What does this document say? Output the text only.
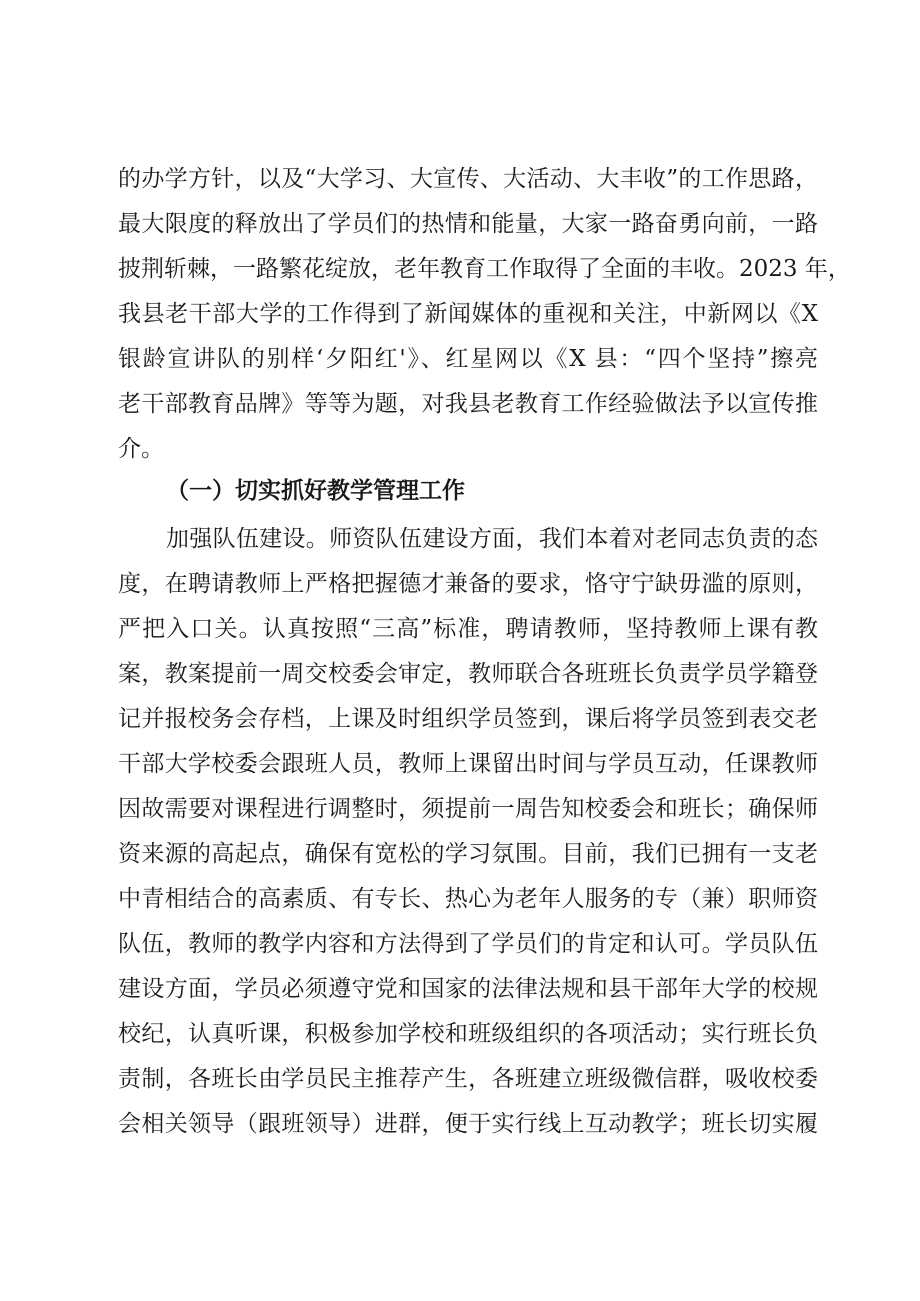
的办学方针，以及“大学习、大宣传、大活动、大丰收”的工作思路，
最大限度的释放出了学员们的热情和能量，大家一路奋勇向前，一路
披荆斩棘，一路繁花绽放，老年教育工作取得了全面的丰收。2023 年，
我县老干部大学的工作得到了新闻媒体的重视和关注，中新网以《X
银龄宣讲队的别样‘夕阳红'》、红星网以《X 县：“四个坚持”擦亮
老干部教育品牌》等等为题，对我县老教育工作经验做法予以宣传推
介。
（一）切实抓好教学管理工作
加强队伍建设。师资队伍建设方面，我们本着对老同志负责的态
度，在聘请教师上严格把握德才兼备的要求，恪守宁缺毋滥的原则，
严把入口关。认真按照“三高”标准，聘请教师，坚持教师上课有教
案，教案提前一周交校委会审定，教师联合各班班长负责学员学籍登
记并报校务会存档，上课及时组织学员签到，课后将学员签到表交老
干部大学校委会跟班人员，教师上课留出时间与学员互动，任课教师
因故需要对课程进行调整时，须提前一周告知校委会和班长；确保师
资来源的高起点，确保有宽松的学习氛围。目前，我们已拥有一支老
中青相结合的高素质、有专长、热心为老年人服务的专（兼）职师资
队伍，教师的教学内容和方法得到了学员们的肯定和认可。学员队伍
建设方面，学员必须遵守党和国家的法律法规和县干部年大学的校规
校纪，认真听课，积极参加学校和班级组织的各项活动；实行班长负
责制，各班长由学员民主推荐产生，各班建立班级微信群，吸收校委
会相关领导（跟班领导）进群，便于实行线上互动教学；班长切实履
